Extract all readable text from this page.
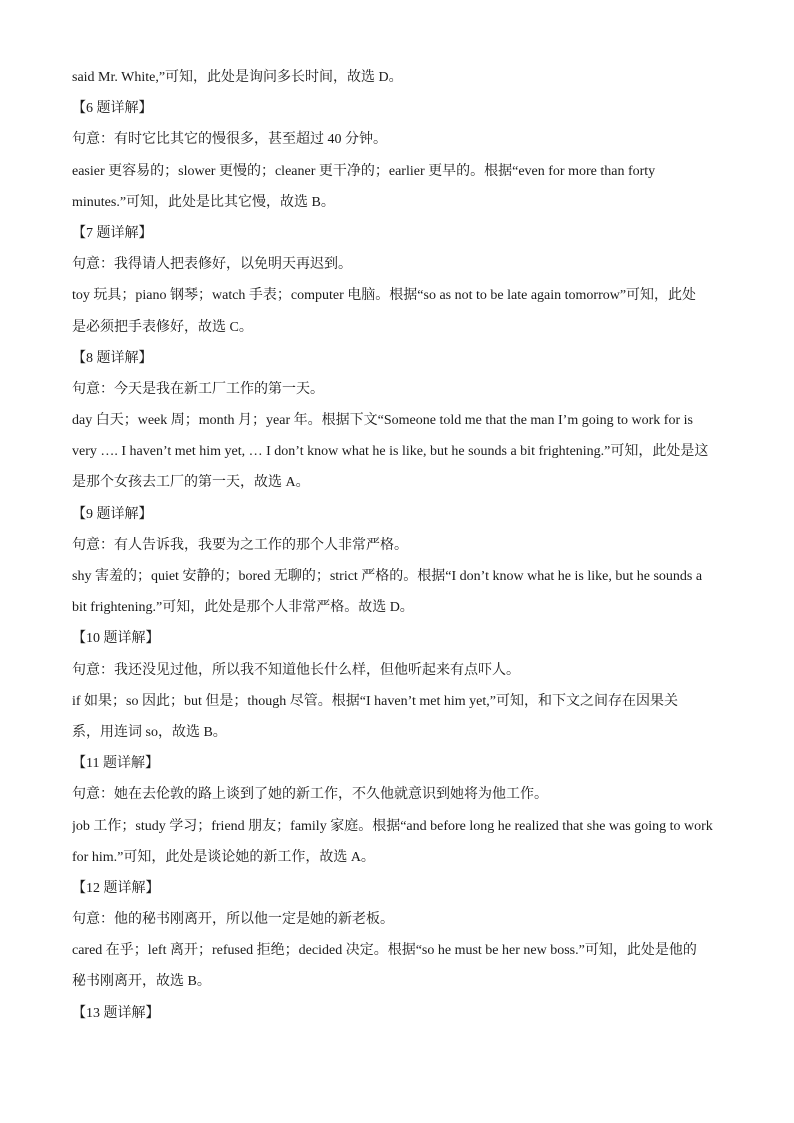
said Mr. White,”可知，此处是询问多长时间，故选 D。
【6 题详解】
句意：有时它比其它的慢很多，甚至超过 40 分钟。
easier 更容易的；slower 更慢的；cleaner 更干净的；earlier 更早的。根据“even for more than forty
minutes.”可知，此处是比其它慢，故选 B。
【7 题详解】
句意：我得请人把表修好，以免明天再迟到。
toy 玩具；piano 钢琴；watch 手表；computer 电脑。根据“so as not to be late again tomorrow”可知，此处
是必须把手表修好，故选 C。
【8 题详解】
句意：今天是我在新工厂工作的第一天。
day 白天；week 周；month 月；year 年。根据下文“Someone told me that the man I’m going to work for is
very …. I haven’t met him yet, … I don’t know what he is like, but he sounds a bit frightening.”可知，此处是这
是那个女孩去工厂的第一天，故选 A。
【9 题详解】
句意：有人告诉我，我要为之工作的那个人非常严格。
shy 害羞的；quiet 安静的；bored 无聊的；strict 严格的。根据“I don’t know what he is like, but he sounds a
bit frightening.”可知，此处是那个人非常严格。故选 D。
【10 题详解】
句意：我还没见过他，所以我不知道他长什么样，但他听起来有点吓人。
if 如果；so 因此；but 但是；though 尽管。根据“I haven’t met him yet,”可知，和下文之间存在因果关
系，用连词 so，故选 B。
【11 题详解】
句意：她在去伦敦的路上谈到了她的新工作，不久他就意识到她将为他工作。
job 工作；study 学习；friend 朋友；family 家庭。根据“and before long he realized that she was going to work
for him.”可知，此处是谈论她的新工作，故选 A。
【12 题详解】
句意：他的秘书刚离开，所以他一定是她的新老板。
cared 在乎；left 离开；refused 拒绝；decided 决定。根据“so he must be her new boss.”可知，此处是他的
秘书刚离开，故选 B。
【13 题详解】
